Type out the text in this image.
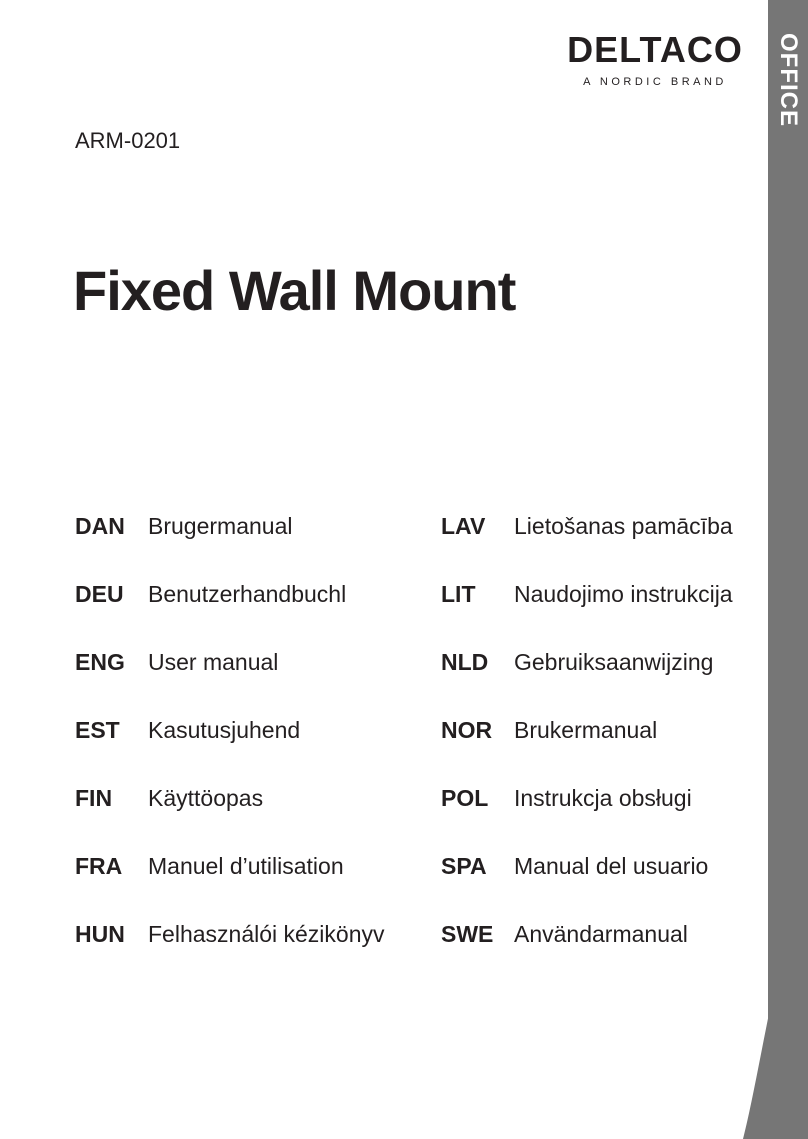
OFFICE
DELTACO
A NORDIC BRAND
ARM-0201
Fixed Wall Mount
DAN Brugermanual
DEU Benutzerhandbuchl
ENG User manual
EST Kasutusjuhend
FIN Käyttöopas
FRA Manuel d’utilisation
HUN Felhasználói kézikönyv
LAV Lietošanas pamācība
LIT Naudojimo instrukcija
NLD Gebruiksaanwijzing
NOR Brukermanual
POL Instrukcja obsługi
SPA Manual del usuario
SWE Användarmanual
